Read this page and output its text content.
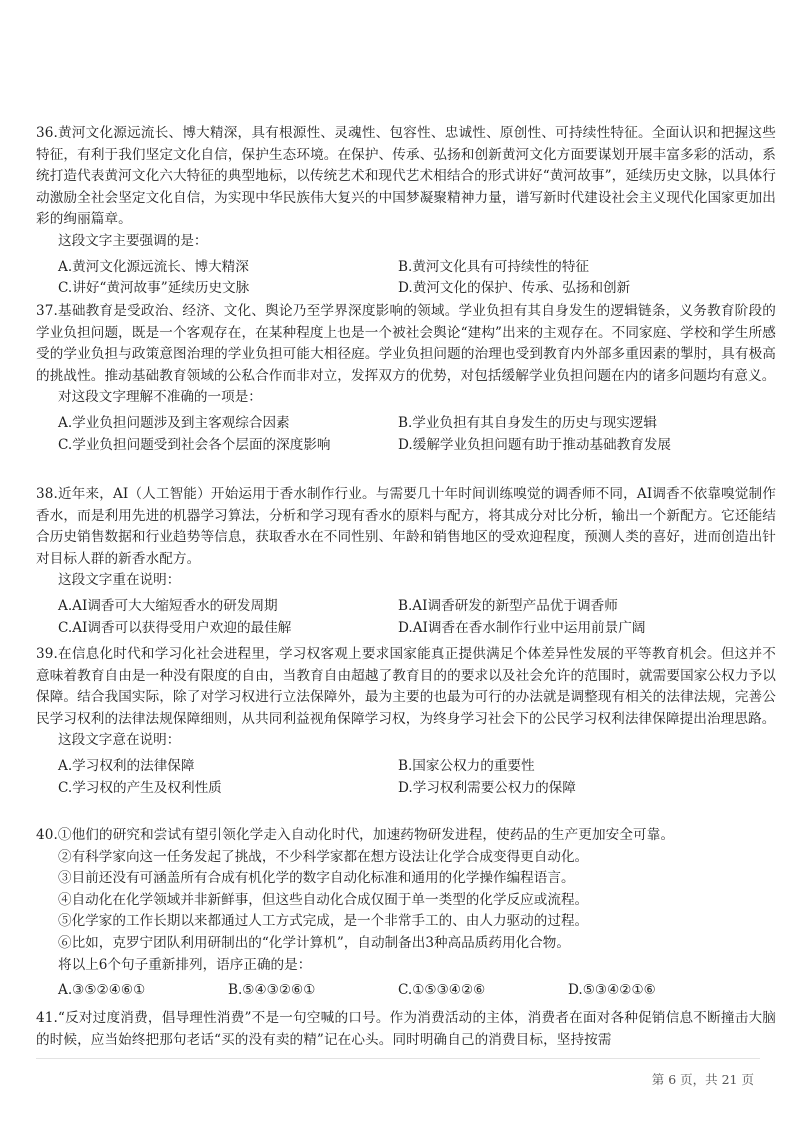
36.黄河文化源远流长、博大精深，具有根源性、灵魂性、包容性、忠诚性、原创性、可持续性特征。全面认识和把握这些特征，有利于我们坚定文化自信，保护生态环境。在保护、传承、弘扬和创新黄河文化方面要谋划开展丰富多彩的活动，系统打造代表黄河文化六大特征的典型地标，以传统艺术和现代艺术相结合的形式讲好“黄河故事”，延续历史文脉，以具体行动激励全社会坚定文化自信，为实现中华民族伟大复兴的中国梦凝聚精神力量，谱写新时代建设社会主义现代化国家更加出彩的绚丽篇章。

这段文字主要强调的是：

A.黄河文化源远流长、博大精深	B.黄河文化具有可持续性的特征
C.讲好“黄河故事”延续历史文脉	D.黄河文化的保护、传承、弘扬和创新

37.基础教育是受政治、经济、文化、舆论乃至学界深度影响的领域。学业负担有其自身发生的逻辑链条，义务教育阶段的学业负担问题，既是一个客观存在，在某种程度上也是一个被社会舆论“建构”出来的主观存在。不同家庭、学校和学生所感受的学业负担与政策意图治理的学业负担可能大相径庭。学业负担问题的治理也受到教育内外部多重因素的掣肘，具有极高的挑战性。推动基础教育领域的公私合作而非对立，发挥双方的优势，对包括缓解学业负担问题在内的诸多问题均有意义。

对这段文字理解不准确的一项是：

A.学业负担问题涉及到主客观综合因素	B.学业负担有其自身发生的历史与现实逻辑
C.学业负担问题受到社会各个层面的深度影响	D.缓解学业负担问题有助于推动基础教育发展

38.近年来，AI（人工智能）开始运用于香水制作行业。与需要几十年时间训练嗅觉的调香师不同，AI调香不依靠嗅觉制作香水，而是利用先进的机器学习算法，分析和学习现有香水的原料与配方，将其成分对比分析，输出一个新配方。它还能结合历史销售数据和行业趋势等信息，获取香水在不同性别、年龄和销售地区的受欢迎程度，预测人类的喜好，进而创造出针对目标人群的新香水配方。

这段文字重在说明：

A.AI调香可大大缩短香水的研发周期	B.AI调香研发的新型产品优于调香师
C.AI调香可以获得受用户欢迎的最佳解	D.AI调香在香水制作行业中运用前景广阔

39.在信息化时代和学习化社会进程里，学习权客观上要求国家能真正提供满足个体差异性发展的平等教育机会。但这并不意味着教育自由是一种没有限度的自由，当教育自由超越了教育目的的要求以及社会允许的范围时，就需要国家公权力予以保障。结合我国实际，除了对学习权进行立法保障外，最为主要的也最为可行的办法就是调整现有相关的法律法规，完善公民学习权利的法律法规保障细则，从共同利益视角保障学习权，为终身学习社会下的公民学习权利法律保障提出治理思路。

这段文字意在说明：

A.学习权利的法律保障	B.国家公权力的重要性
C.学习权的产生及权利性质	D.学习权利需要公权力的保障

40.①他们的研究和尝试有望引领化学走入自动化时代，加速药物研发进程，使药品的生产更加安全可靠。

②有科学家向这一任务发起了挑战，不少科学家都在想方设法让化学合成变得更自动化。

③目前还没有可涵盖所有合成有机化学的数字自动化标准和通用的化学操作编程语言。

④自动化在化学领域并非新鲜事，但这些自动化合成仅囿于单一类型的化学反应或流程。

⑤化学家的工作长期以来都通过人工方式完成，是一个非常手工的、由人力驱动的过程。

⑥比如，克罗宁团队利用研制出的“化学计算机”，自动制备出3种高品质药用化合物。

将以上6个句子重新排列，语序正确的是：

A.③⑤②④⑥①	B.⑤④③②⑥①	C.①⑤③④②⑥	D.⑤③④②①⑥

41.“反对过度消费，倡导理性消费”不是一句空喊的口号。作为消费活动的主体，消费者在面对各种促销信息不断撞击大脑的时候，应当始终把那句老话“买的没有卖的精”记在心头。同时明确自己的消费目标，坚持按需

第 6 页，共 21 页
